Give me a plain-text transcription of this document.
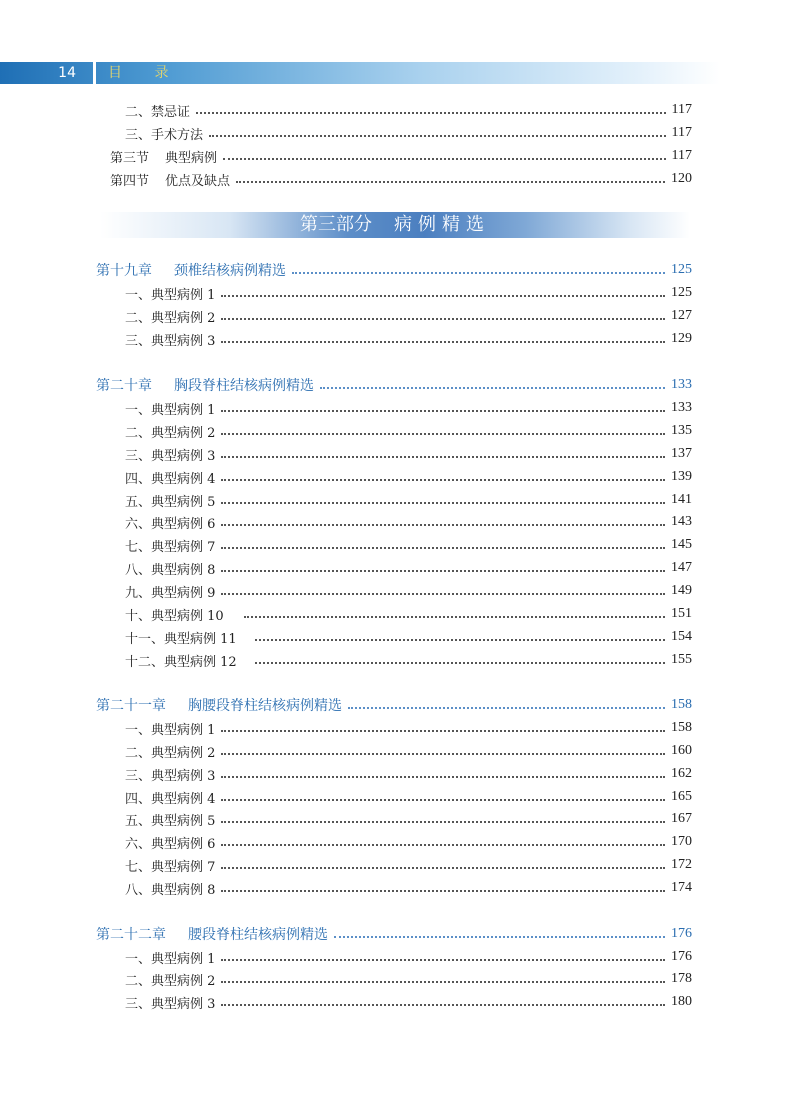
14	目 录
二、禁忌证	117
三、手术方法	117
第三节 典型病例	117
第四节 优点及缺点	120
第三部分 病例精选
第十九章 颈椎结核病例精选	125
一、典型病例 1	125
二、典型病例 2	127
三、典型病例 3	129
第二十章 胸段脊柱结核病例精选	133
一、典型病例 1	133
二、典型病例 2	135
三、典型病例 3	137
四、典型病例 4	139
五、典型病例 5	141
六、典型病例 6	143
七、典型病例 7	145
八、典型病例 8	147
九、典型病例 9	149
十、典型病例 10	151
十一、典型病例 11	154
十二、典型病例 12	155
第二十一章 胸腰段脊柱结核病例精选	158
一、典型病例 1	158
二、典型病例 2	160
三、典型病例 3	162
四、典型病例 4	165
五、典型病例 5	167
六、典型病例 6	170
七、典型病例 7	172
八、典型病例 8	174
第二十二章 腰段脊柱结核病例精选	176
一、典型病例 1	176
二、典型病例 2	178
三、典型病例 3	180
